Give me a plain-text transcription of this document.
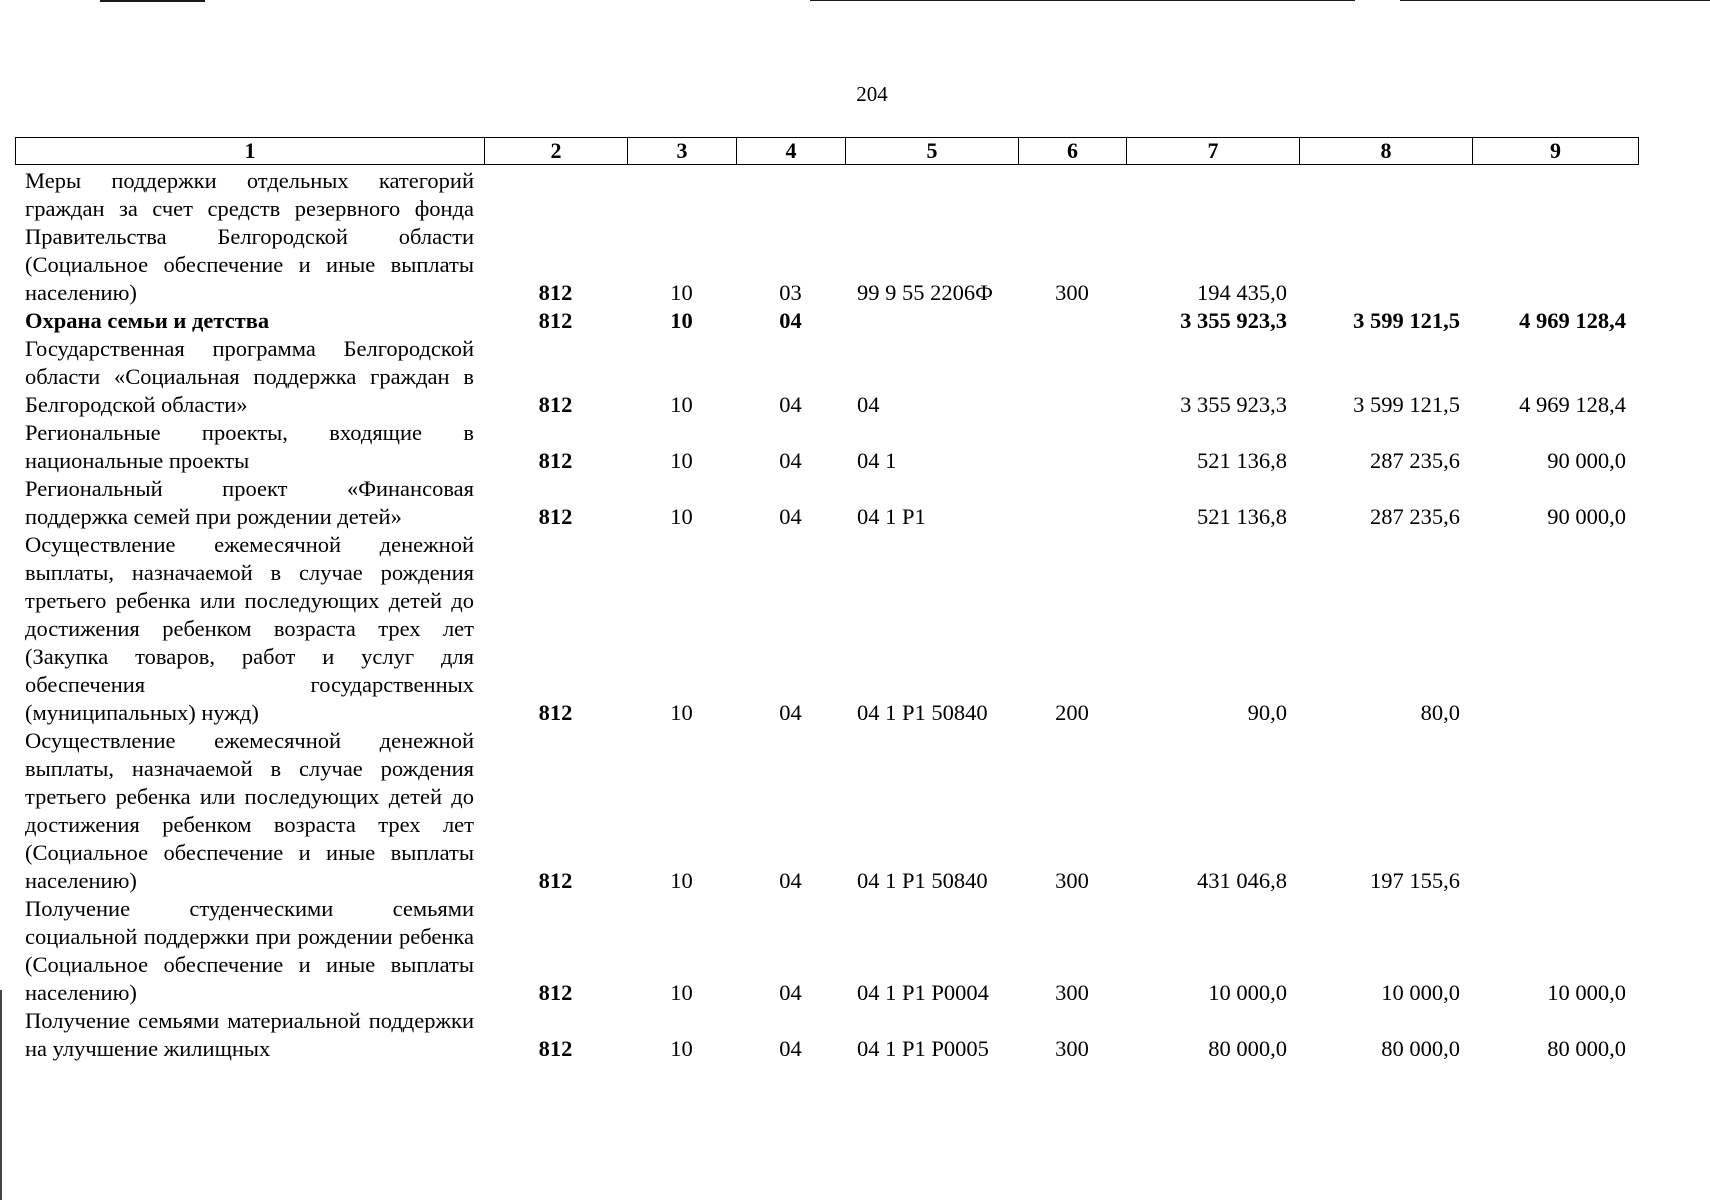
204
1	2	3	4	5	6	7	8	9
Меры поддержки отдельных категорий граждан за счет средств резервного фонда Правительства Белгородской области (Социальное обеспечение и иные выплаты населению)	812	10	03	99 9 55 2206Ф	300	194 435,0		
Охрана семьи и детства	812	10	04			3 355 923,3	3 599 121,5	4 969 128,4
Государственная программа Белгородской области «Социальная поддержка граждан в Белгородской области»	812	10	04	04		3 355 923,3	3 599 121,5	4 969 128,4
Региональные проекты, входящие в национальные проекты	812	10	04	04 1		521 136,8	287 235,6	90 000,0
Региональный проект «Финансовая поддержка семей при рождении детей»	812	10	04	04 1 P1		521 136,8	287 235,6	90 000,0
Осуществление ежемесячной денежной выплаты, назначаемой в случае рождения третьего ребенка или последующих детей до достижения ребенком возраста трех лет (Закупка товаров, работ и услуг для обеспечения государственных (муниципальных) нужд)	812	10	04	04 1 P1 50840	200	90,0	80,0	
Осуществление ежемесячной денежной выплаты, назначаемой в случае рождения третьего ребенка или последующих детей до достижения ребенком возраста трех лет (Социальное обеспечение и иные выплаты населению)	812	10	04	04 1 P1 50840	300	431 046,8	197 155,6	
Получение студенческими семьями социальной поддержки при рождении ребенка (Социальное обеспечение и иные выплаты населению)	812	10	04	04 1 P1 P0004	300	10 000,0	10 000,0	10 000,0
Получение семьями материальной поддержки на улучшение жилищных	812	10	04	04 1 P1 P0005	300	80 000,0	80 000,0	80 000,0
